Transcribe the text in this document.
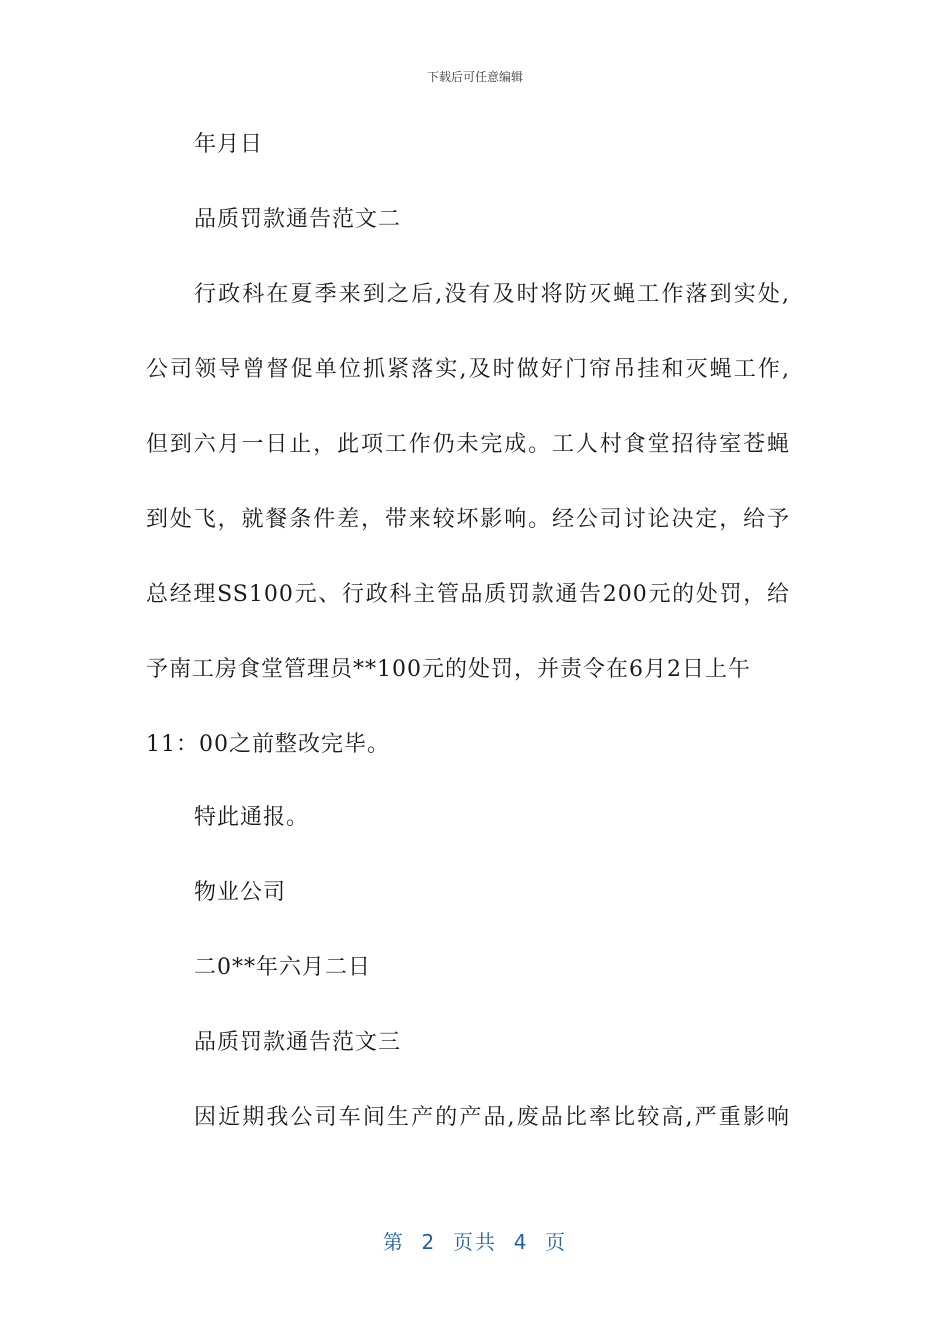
下载后可任意编辑
年月日
品质罚款通告范文二
行政科在夏季来到之后,没有及时将防灭蝇工作落到实处,
公司领导曾督促单位抓紧落实,及时做好门帘吊挂和灭蝇工作,
但到六月一日止，此项工作仍未完成。工人村食堂招待室苍蝇
到处飞，就餐条件差，带来较坏影响。经公司讨论决定，给予
总经理SS100元、行政科主管品质罚款通告200元的处罚，给
予南工房食堂管理员**100元的处罚，并责令在6月2日上午
11：00之前整改完毕。
特此通报。
物业公司
二0**年六月二日
品质罚款通告范文三
因近期我公司车间生产的产品,废品比率比较高,严重影响
第  2  页共  4  页
